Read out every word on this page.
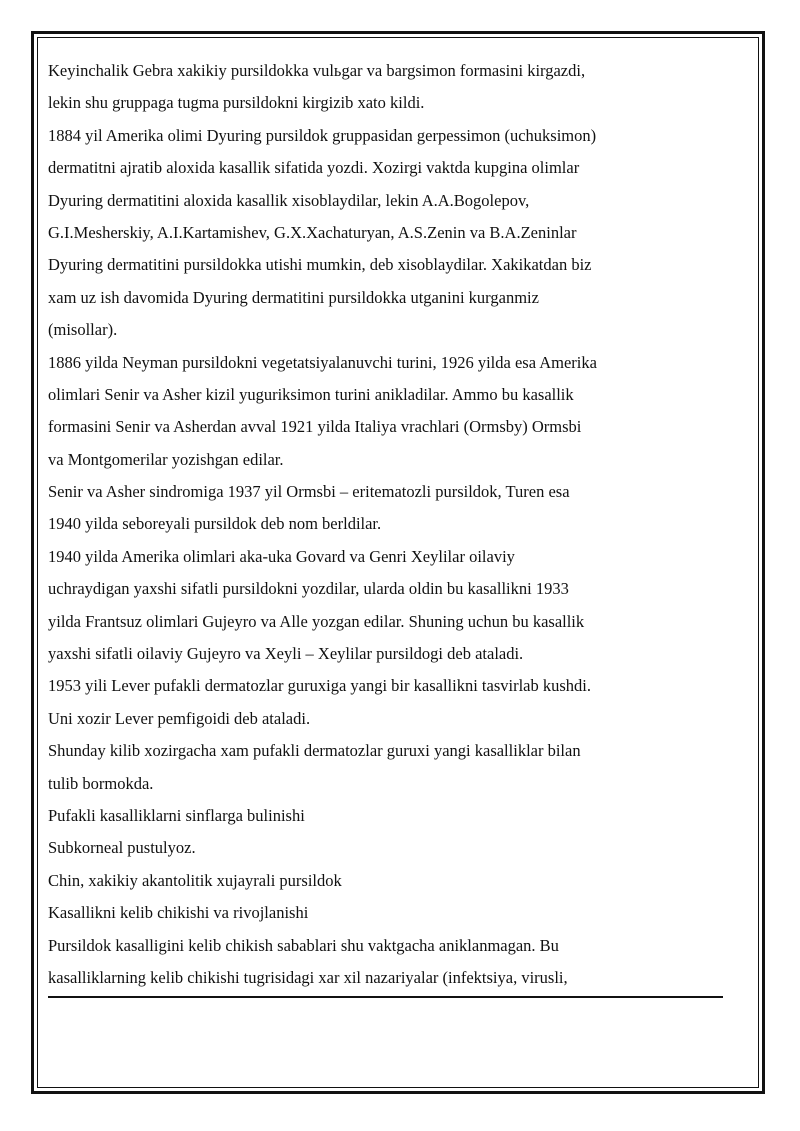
Keyinchalik Gebra xakikiy pursildokka vulьgar va bargsimon formasini kirgazdi,
lekin shu gruppaga tugma pursildokni kirgizib xato kildi.
1884 yil Amerika olimi Dyuring pursildok gruppasidan gerpessimon (uchuksimon)
dermatitni ajratib aloxida kasallik sifatida yozdi. Xozirgi vaktda kupgina olimlar
Dyuring dermatitini aloxida kasallik xisoblaydilar, lekin A.A.Bogolepov,
G.I.Mesherskiy, A.I.Kartamishev, G.X.Xachaturyan, A.S.Zenin va B.A.Zeninlar
Dyuring dermatitini pursildokka utishi mumkin, deb xisoblaydilar. Xakikatdan biz
xam uz ish davomida Dyuring dermatitini pursildokka utganini kurganmiz
(misollar).
1886 yilda Neyman pursildokni vegetatsiyalanuvchi turini, 1926 yilda esa Amerika
olimlari Senir va Asher kizil yuguriksimon turini anikladilar. Ammo bu kasallik
formasini Senir va Asherdan avval 1921 yilda Italiya vrachlari (Ormsby) Ormsbi
va Montgomerilar yozishgan edilar.
Senir va Asher sindromiga 1937 yil Ormsbi – eritematozli pursildok, Turen esa
1940 yilda seboreyali pursildok deb nom berldilar.
1940 yilda Amerika olimlari aka-uka Govard va Genri Xeylilar oilaviy
uchraydigan yaxshi sifatli pursildokni yozdilar, ularda oldin bu kasallikni 1933
yilda Frantsuz olimlari Gujeyro va Alle yozgan edilar. Shuning uchun bu kasallik
yaxshi sifatli oilaviy Gujeyro va Xeyli – Xeylilar pursildogi deb ataladi.
1953 yili Lever pufakli dermatozlar guruxiga yangi bir kasallikni tasvirlab kushdi.
Uni xozir Lever pemfigoidi deb ataladi.
Shunday kilib xozirgacha xam pufakli dermatozlar guruxi yangi kasalliklar bilan
tulib bormokda.
Pufakli kasalliklarni sinflarga bulinishi
Subkorneal pustulyoz.
Chin, xakikiy akantolitik xujayrali pursildok
Kasallikni kelib chikishi va rivojlanishi
Pursildok kasalligini kelib chikish sabablari shu vaktgacha aniklanmagan. Bu
kasalliklarning kelib chikishi tugrisidagi xar xil nazariyalar (infektsiya, virusli,
